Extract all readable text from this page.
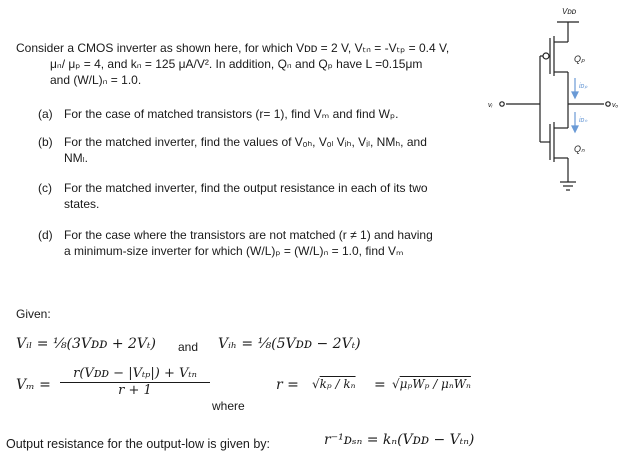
Consider a CMOS inverter as shown here, for which Vᴅᴅ = 2 V, Vₜₙ = -Vₜₚ = 0.4 V,
μₙ/ μₚ = 4, and kₙ = 125 μA/V². In addition, Qₙ and Qₚ have L =0.15μm
and (W/L)ₙ = 1.0.
(a) For the case of matched transistors (r= 1), find Vₘ and find Wₚ.
(b) For the matched inverter, find the values of Vₒₕ, Vₒₗ Vᵢₕ, Vᵢₗ, NMₕ, and
NMₗ.
(c) For the matched inverter, find the output resistance in each of its two
states.
(d) For the case where the transistors are not matched (r ≠ 1) and having
a minimum-size inverter for which (W/L)ₚ = (W/L)ₙ = 1.0, find Vₘ
Vᴅᴅ
Qₚ
Qₙ
iᴅₚ
iᴅₙ
vᵢ	vₒ
Given:
Vᵢₗ = ⅛(3Vᴅᴅ + 2Vₜ) and Vᵢₕ = ⅛(5Vᴅᴅ − 2Vₜ)
Vₘ =
r(Vᴅᴅ − |Vₜₚ|) + Vₜₙ
r + 1
where
r = √kₚ / kₙ = √μₚWₚ / μₙWₙ
Output resistance for the output-low is given by:	r⁻¹ᴅₛₙ = kₙ(Vᴅᴅ − Vₜₙ)
